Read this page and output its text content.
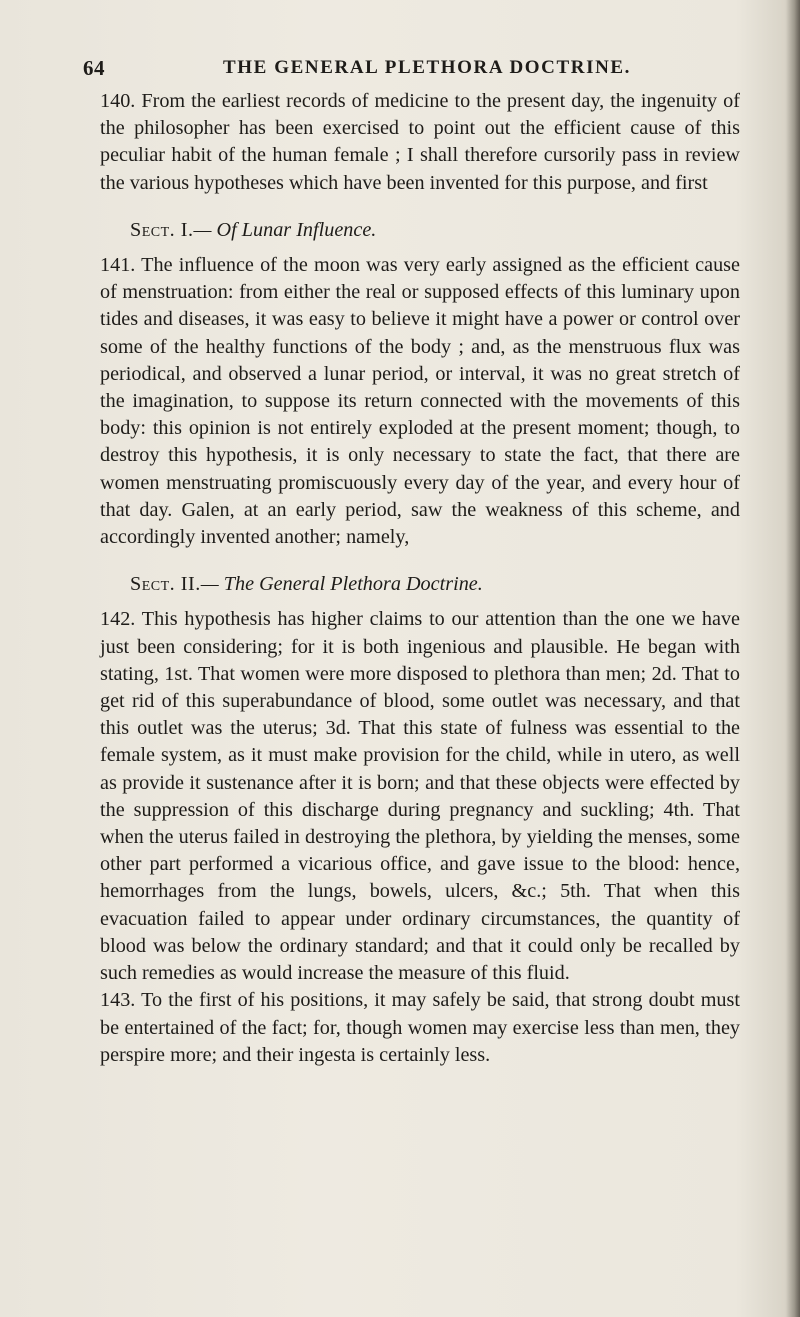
64	THE GENERAL PLETHORA DOCTRINE.

140. From the earliest records of medicine to the present day, the ingenuity of the philosopher has been exercised to point out the efficient cause of this peculiar habit of the human female ; I shall therefore cursorily pass in review the various hypotheses which have been invented for this purpose, and first

Sect. I.— Of Lunar Influence.

141. The influence of the moon was very early assigned as the efficient cause of menstruation: from either the real or supposed effects of this luminary upon tides and diseases, it was easy to believe it might have a power or control over some of the healthy functions of the body ; and, as the menstruous flux was periodical, and observed a lunar period, or interval, it was no great stretch of the imagination, to suppose its return connected with the movements of this body: this opinion is not entirely exploded at the present moment; though, to destroy this hypothesis, it is only necessary to state the fact, that there are women menstruating promiscuously every day of the year, and every hour of that day. Galen, at an early period, saw the weakness of this scheme, and accordingly invented another; namely,

Sect. II.— The General Plethora Doctrine.

142. This hypothesis has higher claims to our attention than the one we have just been considering; for it is both ingenious and plausible. He began with stating, 1st. That women were more disposed to plethora than men; 2d. That to get rid of this superabundance of blood, some outlet was necessary, and that this outlet was the uterus; 3d. That this state of fulness was essential to the female system, as it must make provision for the child, while in utero, as well as provide it sustenance after it is born; and that these objects were effected by the suppression of this discharge during pregnancy and suckling; 4th. That when the uterus failed in destroying the plethora, by yielding the menses, some other part performed a vicarious office, and gave issue to the blood: hence, hemorrhages from the lungs, bowels, ulcers, &c.; 5th. That when this evacuation failed to appear under ordinary circumstances, the quantity of blood was below the ordinary standard; and that it could only be recalled by such remedies as would increase the measure of this fluid.

143. To the first of his positions, it may safely be said, that strong doubt must be entertained of the fact; for, though women may exercise less than men, they perspire more; and their ingesta is certainly less.
